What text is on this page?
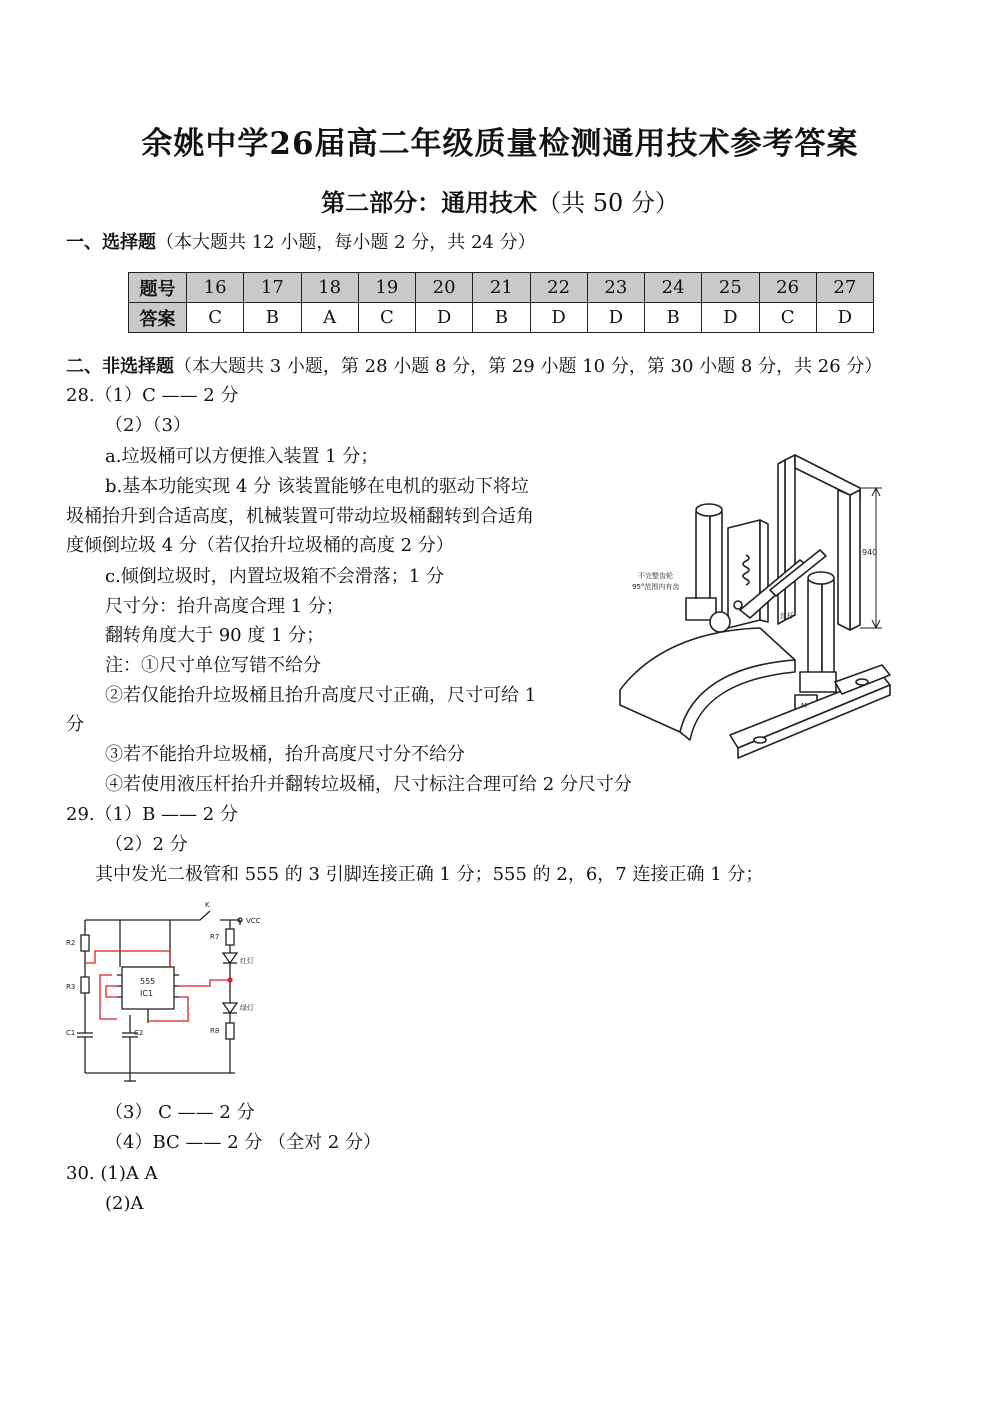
余姚中学26届高二年级质量检测通用技术参考答案
第二部分：通用技术（共 50 分）
一、选择题（本大题共 12 小题，每小题 2 分，共 24 分）
题号	16	17	18	19	20	21	22	23	24	25	26	27
答案	C	B	A	C	D	B	D	D	B	D	C	D
二、非选择题（本大题共 3 小题，第 28 小题 8 分，第 29 小题 10 分，第 30 小题 8 分，共 26 分）
28.（1）C —— 2 分
（2）（3）
a.垃圾桶可以方便推入装置 1 分；
b.基本功能实现 4 分 该装置能够在电机的驱动下将垃
圾桶抬升到合适高度，机械装置可带动垃圾桶翻转到合适角
度倾倒垃圾 4 分（若仅抬升垃圾桶的高度 2 分）
c.倾倒垃圾时，内置垃圾箱不会滑落；1 分
尺寸分：抬升高度合理 1 分；
翻转角度大于 90 度 1 分；
注：①尺寸单位写错不给分
②若仅能抬升垃圾桶且抬升高度尺寸正确，尺寸可给 1
分
③若不能抬升垃圾桶，抬升高度尺寸分不给分
④若使用液压杆抬升并翻转垃圾桶，尺寸标注合理可给 2 分尺寸分
29.（1）B —— 2 分
（2）2 分
其中发光二极管和 555 的 3 引脚连接正确 1 分；555 的 2，6，7 连接正确 1 分；
（3） C —— 2 分
（4）BC —— 2 分 （全对 2 分）
30. (1)A A
(2)A
940
不完整齿轮
95°范围内有齿
丝杆
M
K
VCC
R2
R3
C1	C2
R7
R8
红灯
绿灯
555
IC1
